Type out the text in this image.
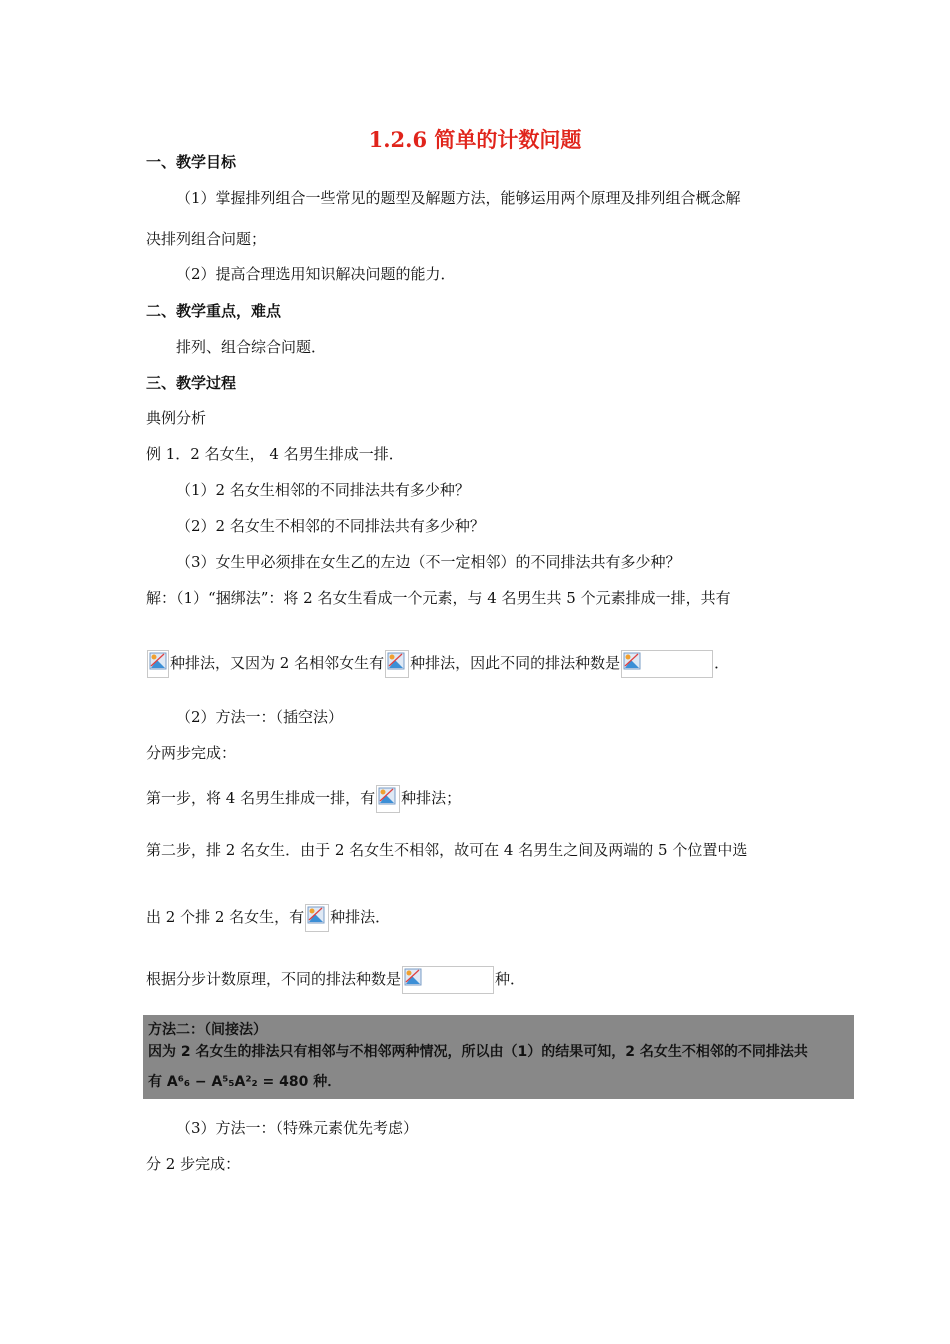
1.2.6 简单的计数问题
一、教学目标
（1）掌握排列组合一些常见的题型及解题方法，能够运用两个原理及排列组合概念解
决排列组合问题；
（2）提高合理选用知识解决问题的能力．
二、教学重点，难点
排列、组合综合问题．
三、教学过程
典例分析
例 1．2 名女生， 4 名男生排成一排．
（1）2 名女生相邻的不同排法共有多少种？
（2）2 名女生不相邻的不同排法共有多少种？
（3）女生甲必须排在女生乙的左边（不一定相邻）的不同排法共有多少种？
解：（1）“捆绑法”：将 2 名女生看成一个元素，与 4 名男生共 5 个元素排成一排，共有
种排法，又因为 2 名相邻女生有 种排法，因此不同的排法种数是	．
（2）方法一：（插空法）
分两步完成：
第一步，将 4 名男生排成一排，有 种排法；
第二步，排 2 名女生．由于 2 名女生不相邻，故可在 4 名男生之间及两端的 5 个位置中选
出 2 个排 2 名女生，有 种排法．
根据分步计数原理，不同的排法种数是	种．
方法二：（间接法）
因为 2 名女生的排法只有相邻与不相邻两种情况，所以由（1）的结果可知，2 名女生不相邻的不同排法共
有 A⁶₆ − A⁵₅A²₂ = 480 种．
（3）方法一：（特殊元素优先考虑）
分 2 步完成：
